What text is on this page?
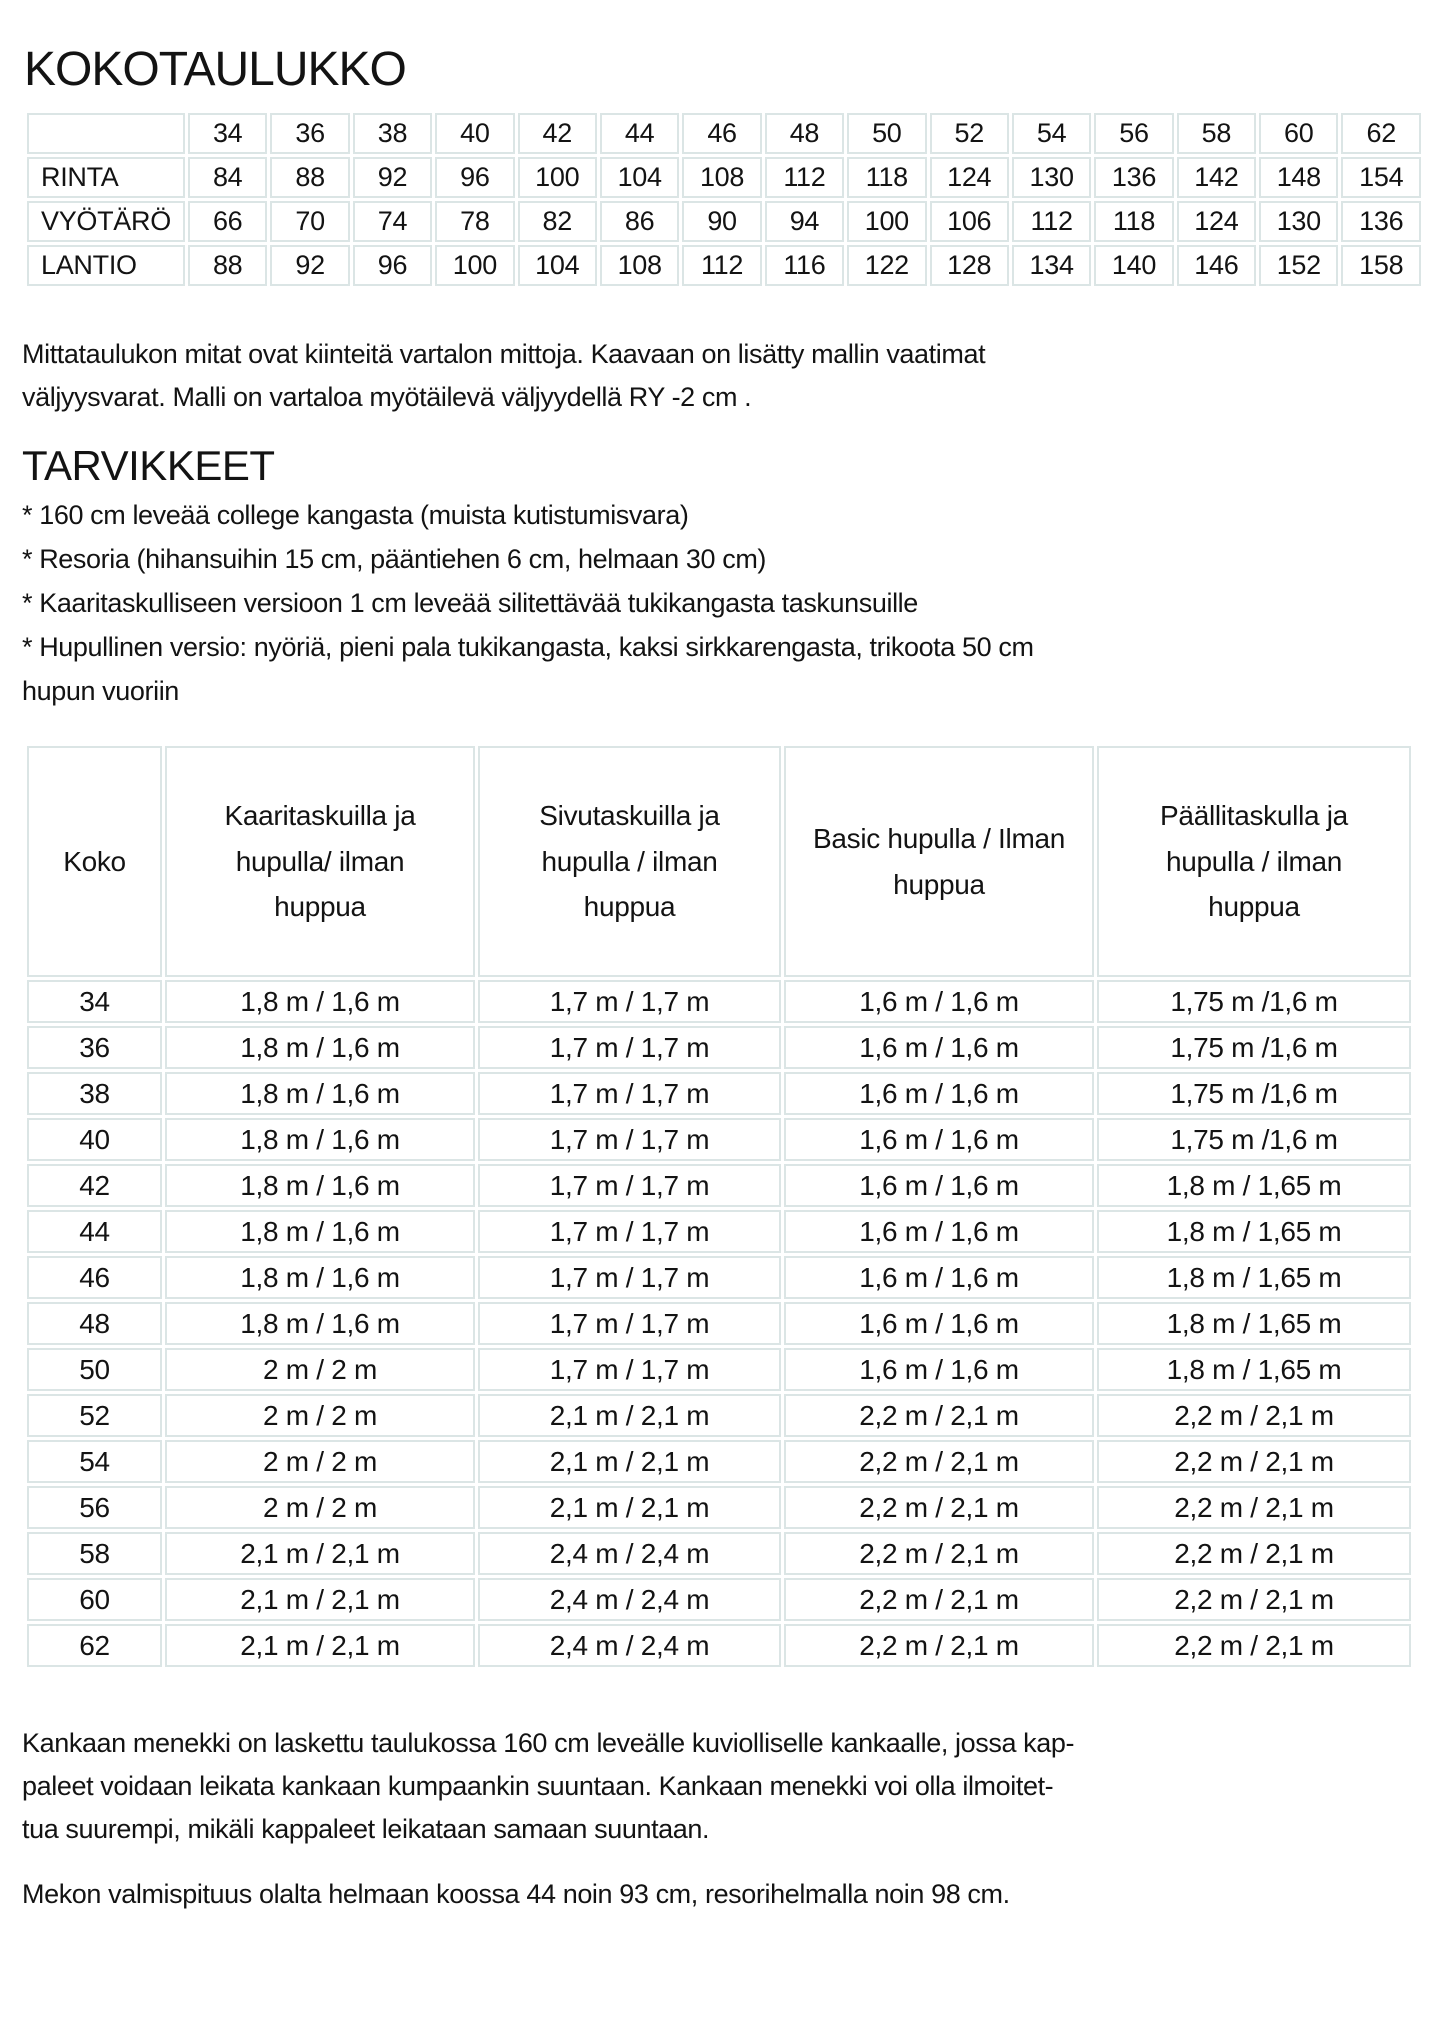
KOKOTAULUKKO
	34	36	38	40	42	44	46	48	50	52	54	56	58	60	62
RINTA	84	88	92	96	100	104	108	112	118	124	130	136	142	148	154
VYÖTÄRÖ	66	70	74	78	82	86	90	94	100	106	112	118	124	130	136
LANTIO	88	92	96	100	104	108	112	116	122	128	134	140	146	152	158
Mittataulukon mitat ovat kiinteitä vartalon mittoja. Kaavaan on lisätty mallin vaatimat
väljyysvarat. Malli on vartaloa myötäilevä väljyydellä RY -2 cm .
TARVIKKEET
* 160 cm leveää college kangasta (muista kutistumisvara)
* Resoria (hihansuihin 15 cm, pääntiehen 6 cm, helmaan 30 cm)
* Kaaritaskulliseen versioon 1 cm leveää silitettävää tukikangasta taskunsuille
* Hupullinen versio: nyöriä, pieni pala tukikangasta, kaksi sirkkarengasta, trikoota 50 cm
hupun vuoriin
Koko	Kaaritaskuilla ja hupulla/ ilman huppua	Sivutaskuilla ja hupulla / ilman huppua	Basic hupulla / Ilman huppua	Päällitaskulla ja hupulla / ilman huppua
34	1,8 m / 1,6 m	1,7 m / 1,7 m	1,6 m / 1,6 m	1,75 m /1,6 m
36	1,8 m / 1,6 m	1,7 m / 1,7 m	1,6 m / 1,6 m	1,75 m /1,6 m
38	1,8 m / 1,6 m	1,7 m / 1,7 m	1,6 m / 1,6 m	1,75 m /1,6 m
40	1,8 m / 1,6 m	1,7 m / 1,7 m	1,6 m / 1,6 m	1,75 m /1,6 m
42	1,8 m / 1,6 m	1,7 m / 1,7 m	1,6 m / 1,6 m	1,8 m / 1,65 m
44	1,8 m / 1,6 m	1,7 m / 1,7 m	1,6 m / 1,6 m	1,8 m / 1,65 m
46	1,8 m / 1,6 m	1,7 m / 1,7 m	1,6 m / 1,6 m	1,8 m / 1,65 m
48	1,8 m / 1,6 m	1,7 m / 1,7 m	1,6 m / 1,6 m	1,8 m / 1,65 m
50	2 m / 2 m	1,7 m / 1,7 m	1,6 m / 1,6 m	1,8 m / 1,65 m
52	2 m / 2 m	2,1 m / 2,1 m	2,2 m / 2,1 m	2,2 m / 2,1 m
54	2 m / 2 m	2,1 m / 2,1 m	2,2 m / 2,1 m	2,2 m / 2,1 m
56	2 m / 2 m	2,1 m / 2,1 m	2,2 m / 2,1 m	2,2 m / 2,1 m
58	2,1 m / 2,1 m	2,4 m / 2,4 m	2,2 m / 2,1 m	2,2 m / 2,1 m
60	2,1 m / 2,1 m	2,4 m / 2,4 m	2,2 m / 2,1 m	2,2 m / 2,1 m
62	2,1 m / 2,1 m	2,4 m / 2,4 m	2,2 m / 2,1 m	2,2 m / 2,1 m
Kankaan menekki on laskettu taulukossa 160 cm leveälle kuviolliselle kankaalle, jossa kap-
paleet voidaan leikata kankaan kumpaankin suuntaan. Kankaan menekki voi olla ilmoitet-
tua suurempi, mikäli kappaleet leikataan samaan suuntaan.
Mekon valmispituus olalta helmaan koossa 44 noin 93 cm, resorihelmalla noin 98 cm.
